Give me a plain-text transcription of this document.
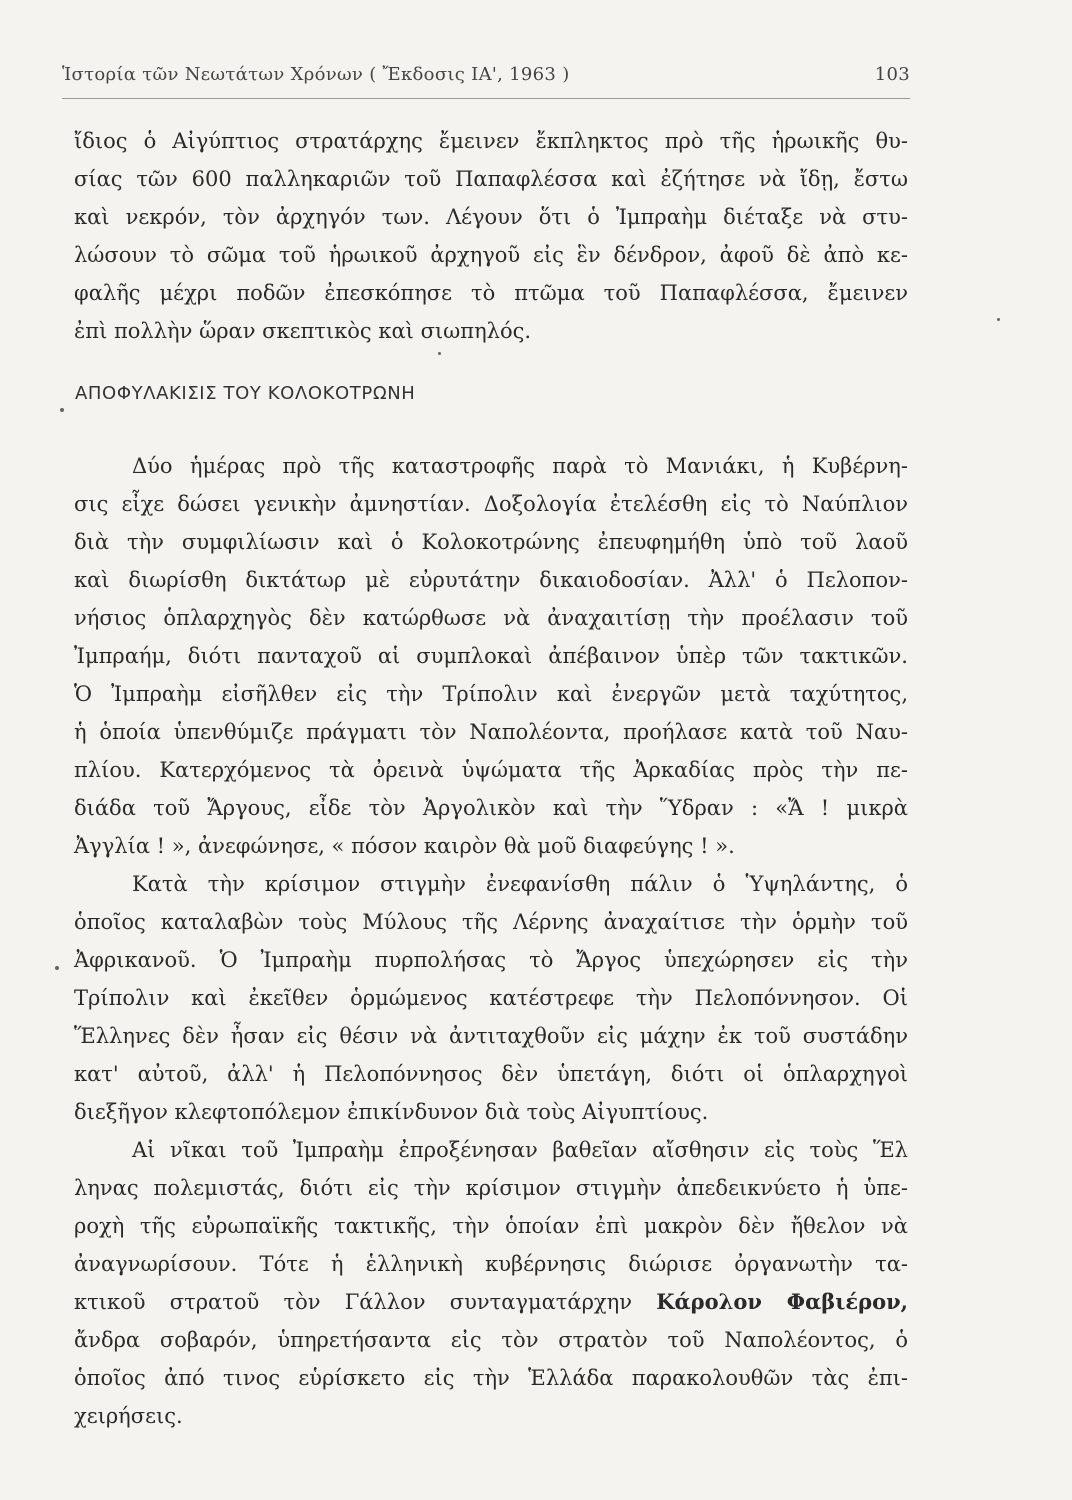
Ἱστορία τῶν Νεωτάτων Χρόνων ( Ἔκδοσις ΙΑ', 1963 )	103
ἴδιος ὁ Αἰγύπτιος στρατάρχης ἔμεινεν ἔκπληκτος πρὸ τῆς ἡρωικῆς θυ-
σίας τῶν 600 παλληκαριῶν τοῦ Παπαφλέσσα καὶ ἐζήτησε νὰ ἴδῃ, ἔστω
καὶ νεκρόν, τὸν ἀρχηγόν των. Λέγουν ὅτι ὁ Ἰμπραὴμ διέταξε νὰ στυ-
λώσουν τὸ σῶμα τοῦ ἡρωικοῦ ἀρχηγοῦ εἰς ἓν δένδρον, ἀφοῦ δὲ ἀπὸ κε-
φαλῆς μέχρι ποδῶν ἐπεσκόπησε τὸ πτῶμα τοῦ Παπαφλέσσα, ἔμεινεν
ἐπὶ πολλὴν ὥραν σκεπτικὸς καὶ σιωπηλός.
ΑΠΟΦΥΛΑΚΙΣΙΣ ΤΟΥ ΚΟΛΟΚΟΤΡΩΝΗ
Δύο ἡμέρας πρὸ τῆς καταστροφῆς παρὰ τὸ Μανιάκι, ἡ Κυβέρνη-
σις εἶχε δώσει γενικὴν ἀμνηστίαν. Δοξολογία ἐτελέσθη εἰς τὸ Ναύπλιον
διὰ τὴν συμφιλίωσιν καὶ ὁ Κολοκοτρώνης ἐπευφημήθη ὑπὸ τοῦ λαοῦ
καὶ διωρίσθη δικτάτωρ μὲ εὐρυτάτην δικαιοδοσίαν. Ἀλλ' ὁ Πελοπον-
νήσιος ὁπλαρχηγὸς δὲν κατώρθωσε νὰ ἀναχαιτίσῃ τὴν προέλασιν τοῦ
Ἰμπραήμ, διότι πανταχοῦ αἱ συμπλοκαὶ ἀπέβαινον ὑπὲρ τῶν τακτικῶν.
Ὁ Ἰμπραὴμ εἰσῆλθεν εἰς τὴν Τρίπολιν καὶ ἐνεργῶν μετὰ ταχύτητος,
ἡ ὁποία ὑπενθύμιζε πράγματι τὸν Ναπολέοντα, προήλασε κατὰ τοῦ Ναυ-
πλίου. Κατερχόμενος τὰ ὀρεινὰ ὑψώματα τῆς Ἀρκαδίας πρὸς τὴν πε-
διάδα τοῦ Ἄργους, εἶδε τὸν Ἀργολικὸν καὶ τὴν Ὕδραν : «Ἄ ! μικρὰ
Ἀγγλία ! », ἀνεφώνησε, « πόσον καιρὸν θὰ μοῦ διαφεύγης ! ».
Κατὰ τὴν κρίσιμον στιγμὴν ἐνεφανίσθη πάλιν ὁ Ὑψηλάντης, ὁ
ὁποῖος καταλαβὼν τοὺς Μύλους τῆς Λέρνης ἀναχαίτισε τὴν ὁρμὴν τοῦ
Ἀφρικανοῦ. Ὁ Ἰμπραὴμ πυρπολήσας τὸ Ἄργος ὑπεχώρησεν εἰς τὴν
Τρίπολιν καὶ ἐκεῖθεν ὁρμώμενος κατέστρεφε τὴν Πελοπόννησον. Οἱ
Ἕλληνες δὲν ἦσαν εἰς θέσιν νὰ ἀντιταχθοῦν εἰς μάχην ἐκ τοῦ συστάδην
κατ' αὐτοῦ, ἀλλ' ἡ Πελοπόννησος δὲν ὑπετάγη, διότι οἱ ὁπλαρχηγοὶ
διεξῆγον κλεφτοπόλεμον ἐπικίνδυνον διὰ τοὺς Αἰγυπτίους.
Αἱ νῖκαι τοῦ Ἰμπραὴμ ἐπροξένησαν βαθεῖαν αἴσθησιν εἰς τοὺς Ἕλ
ληνας πολεμιστάς, διότι εἰς τὴν κρίσιμον στιγμὴν ἀπεδεικνύετο ἡ ὑπε-
ροχὴ τῆς εὐρωπαϊκῆς τακτικῆς, τὴν ὁποίαν ἐπὶ μακρὸν δὲν ἤθελον νὰ
ἀναγνωρίσουν. Τότε ἡ ἑλληνικὴ κυβέρνησις διώρισε ὀργανωτὴν τα-
κτικοῦ στρατοῦ τὸν Γάλλον συνταγματάρχην Κάρολον Φαβιέρον,
ἄνδρα σοβαρόν, ὑπηρετήσαντα εἰς τὸν στρατὸν τοῦ Ναπολέοντος, ὁ
ὁποῖος ἀπό τινος εὑρίσκετο εἰς τὴν Ἑλλάδα παρακολουθῶν τὰς ἐπι-
χειρήσεις.
